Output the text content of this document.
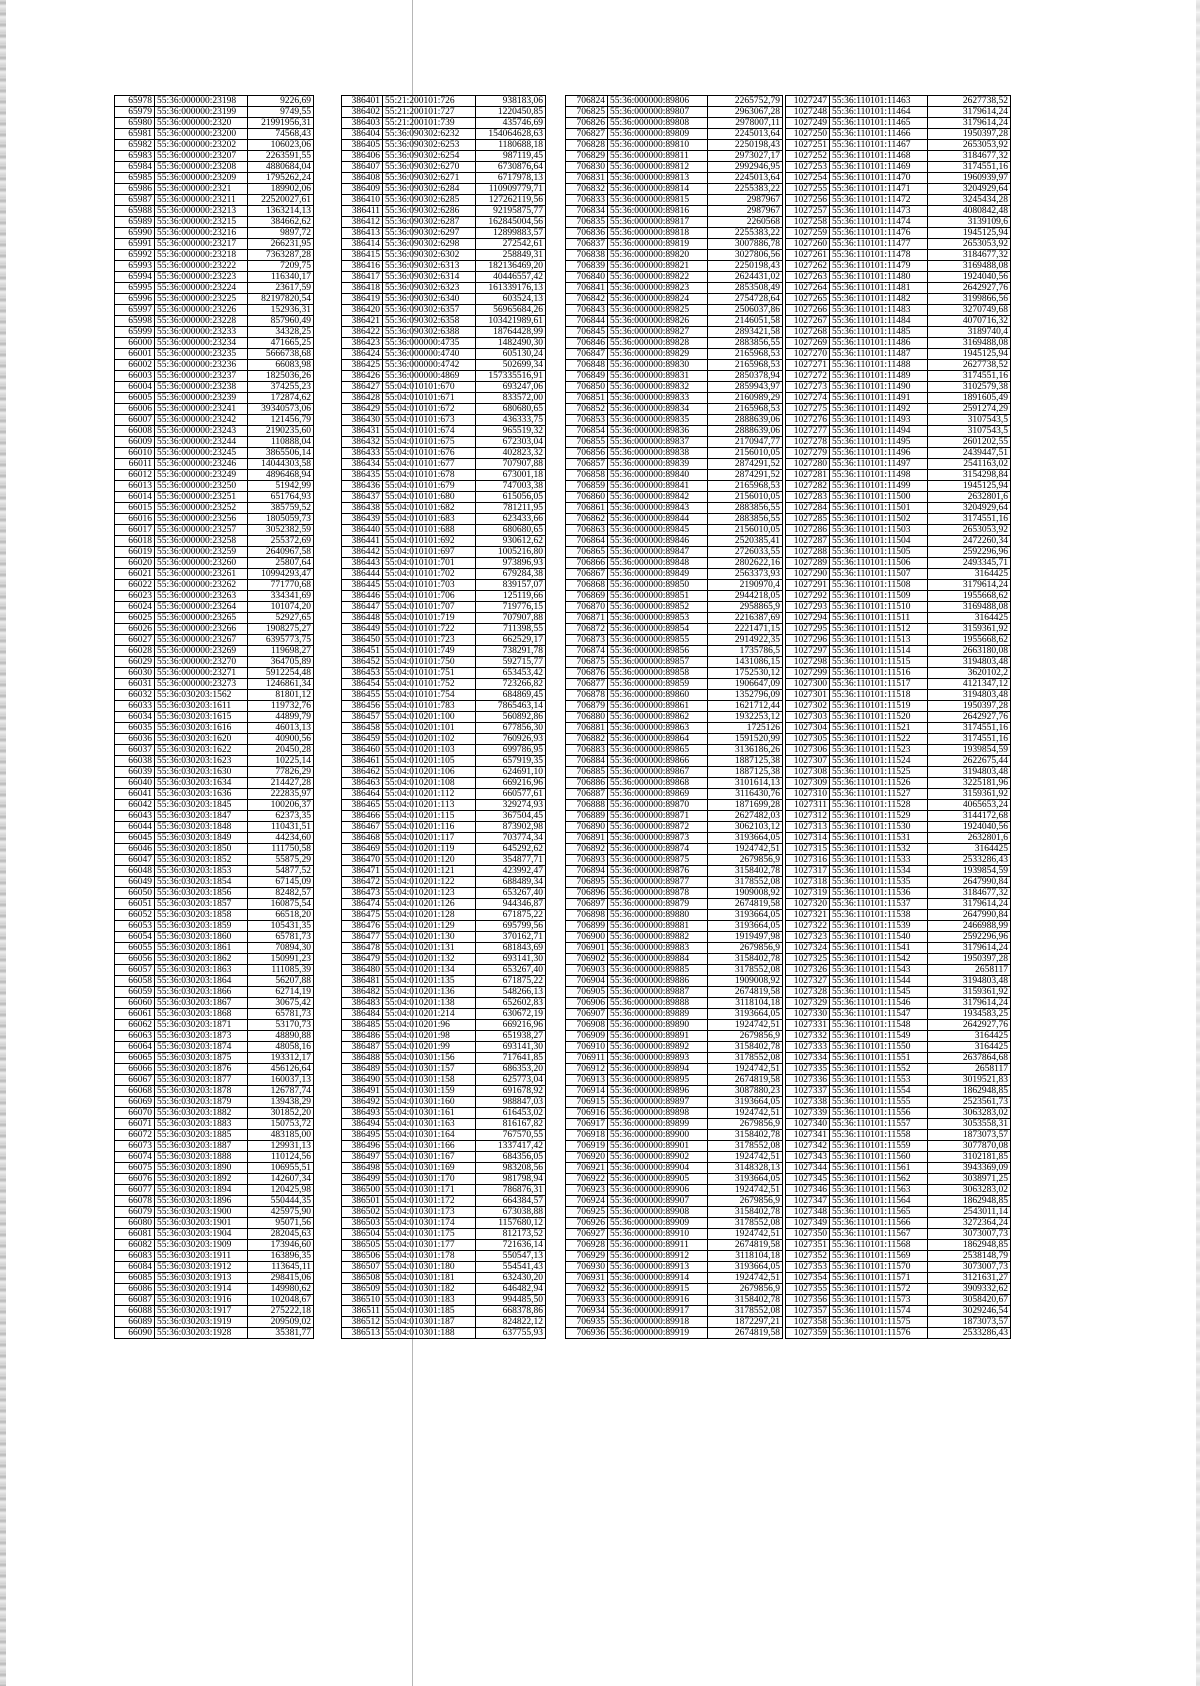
65978	55:36:000000:23198	9226,69
65979	55:36:000000:23199	9749,55
65980	55:36:000000:2320	21991956,31
65981	55:36:000000:23200	74568,43
65982	55:36:000000:23202	106023,06
65983	55:36:000000:23207	2263591,55
65984	55:36:000000:23208	4880684,04
65985	55:36:000000:23209	1795262,24
65986	55:36:000000:2321	189902,06
65987	55:36:000000:23211	22520027,61
65988	55:36:000000:23213	1363214,13
65989	55:36:000000:23215	384662,62
65990	55:36:000000:23216	9897,72
65991	55:36:000000:23217	266231,95
65992	55:36:000000:23218	7363287,28
65993	55:36:000000:23222	7209,75
65994	55:36:000000:23223	116340,17
65995	55:36:000000:23224	23617,59
65996	55:36:000000:23225	82197820,54
65997	55:36:000000:23226	152936,31
65998	55:36:000000:23228	857960,49
65999	55:36:000000:23233	34328,25
66000	55:36:000000:23234	471665,25
66001	55:36:000000:23235	5666738,68
66002	55:36:000000:23236	66083,98
66003	55:36:000000:23237	1825036,26
66004	55:36:000000:23238	374255,23
66005	55:36:000000:23239	172874,62
66006	55:36:000000:23241	39340573,06
66007	55:36:000000:23242	121456,79
66008	55:36:000000:23243	2190235,60
66009	55:36:000000:23244	110888,04
66010	55:36:000000:23245	3865506,14
66011	55:36:000000:23246	14044303,58
66012	55:36:000000:23249	4896468,94
66013	55:36:000000:23250	51942,99
66014	55:36:000000:23251	651764,93
66015	55:36:000000:23252	385759,52
66016	55:36:000000:23256	1805059,73
66017	55:36:000000:23257	3052382,59
66018	55:36:000000:23258	255372,69
66019	55:36:000000:23259	2640967,58
66020	55:36:000000:23260	25807,64
66021	55:36:000000:23261	10994293,47
66022	55:36:000000:23262	771770,68
66023	55:36:000000:23263	334341,69
66024	55:36:000000:23264	101074,20
66025	55:36:000000:23265	52927,65
66026	55:36:000000:23266	1908275,27
66027	55:36:000000:23267	6395773,75
66028	55:36:000000:23269	119698,27
66029	55:36:000000:23270	364705,89
66030	55:36:000000:23271	5912254,48
66031	55:36:000000:23273	1246861,34
66032	55:36:030203:1562	81801,12
66033	55:36:030203:1611	119732,76
66034	55:36:030203:1615	44899,79
66035	55:36:030203:1616	46013,13
66036	55:36:030203:1620	40900,56
66037	55:36:030203:1622	20450,28
66038	55:36:030203:1623	10225,14
66039	55:36:030203:1630	77826,29
66040	55:36:030203:1634	214427,28
66041	55:36:030203:1636	222835,97
66042	55:36:030203:1845	100206,37
66043	55:36:030203:1847	62373,35
66044	55:36:030203:1848	110431,51
66045	55:36:030203:1849	44234,60
66046	55:36:030203:1850	111750,58
66047	55:36:030203:1852	55875,29
66048	55:36:030203:1853	54877,52
66049	55:36:030203:1854	67145,09
66050	55:36:030203:1856	82482,57
66051	55:36:030203:1857	160875,54
66052	55:36:030203:1858	66518,20
66053	55:36:030203:1859	105431,35
66054	55:36:030203:1860	65781,73
66055	55:36:030203:1861	70894,30
66056	55:36:030203:1862	150991,23
66057	55:36:030203:1863	111085,39
66058	55:36:030203:1864	56207,88
66059	55:36:030203:1866	62714,19
66060	55:36:030203:1867	30675,42
66061	55:36:030203:1868	65781,73
66062	55:36:030203:1871	53170,73
66063	55:36:030203:1873	48890,88
66064	55:36:030203:1874	48058,16
66065	55:36:030203:1875	193312,17
66066	55:36:030203:1876	456126,64
66067	55:36:030203:1877	160037,13
66068	55:36:030203:1878	126787,74
66069	55:36:030203:1879	139438,29
66070	55:36:030203:1882	301852,20
66071	55:36:030203:1883	150753,72
66072	55:36:030203:1885	483185,00
66073	55:36:030203:1887	129931,13
66074	55:36:030203:1888	110124,56
66075	55:36:030203:1890	106955,51
66076	55:36:030203:1892	142607,34
66077	55:36:030203:1894	120425,98
66078	55:36:030203:1896	550444,35
66079	55:36:030203:1900	425975,90
66080	55:36:030203:1901	95071,56
66081	55:36:030203:1904	282045,63
66082	55:36:030203:1909	173946,60
66083	55:36:030203:1911	163896,35
66084	55:36:030203:1912	113645,11
66085	55:36:030203:1913	298415,06
66086	55:36:030203:1914	149980,62
66087	55:36:030203:1916	102048,67
66088	55:36:030203:1917	275222,18
66089	55:36:030203:1919	209509,02
66090	55:36:030203:1928	35381,77
386401	55:21:200101:726	938183,06
386402	55:21:200101:727	1220450,85
386403	55:21:200101:739	435746,69
386404	55:36:090302:6232	154064628,63
386405	55:36:090302:6253	1180688,18
386406	55:36:090302:6254	987119,45
386407	55:36:090302:6270	6730876,64
386408	55:36:090302:6271	6717978,13
386409	55:36:090302:6284	110909779,71
386410	55:36:090302:6285	127262119,56
386411	55:36:090302:6286	92195875,77
386412	55:36:090302:6287	162845004,56
386413	55:36:090302:6297	12899883,57
386414	55:36:090302:6298	272542,61
386415	55:36:090302:6302	258849,31
386416	55:36:090302:6313	182136469,20
386417	55:36:090302:6314	40446557,42
386418	55:36:090302:6323	161339176,13
386419	55:36:090302:6340	603524,13
386420	55:36:090302:6357	56965684,26
386421	55:36:090302:6358	103421989,61
386422	55:36:090302:6388	18764428,99
386423	55:36:000000:4735	1482490,30
386424	55:36:000000:4740	605130,24
386425	55:36:000000:4742	502699,34
386426	55:36:000000:4869	157335516,91
386427	55:04:010101:670	693247,06
386428	55:04:010101:671	833572,00
386429	55:04:010101:672	680680,65
386430	55:04:010101:673	436333,75
386431	55:04:010101:674	965519,32
386432	55:04:010101:675	672303,04
386433	55:04:010101:676	402823,32
386434	55:04:010101:677	707907,88
386435	55:04:010101:678	673001,18
386436	55:04:010101:679	747003,38
386437	55:04:010101:680	615056,05
386438	55:04:010101:682	781211,95
386439	55:04:010101:683	623433,66
386440	55:04:010101:688	680680,65
386441	55:04:010101:692	930612,62
386442	55:04:010101:697	1005216,80
386443	55:04:010101:701	973896,93
386444	55:04:010101:702	679284,38
386445	55:04:010101:703	839157,07
386446	55:04:010101:706	125119,66
386447	55:04:010101:707	719776,15
386448	55:04:010101:719	707907,88
386449	55:04:010101:722	711398,55
386450	55:04:010101:723	662529,17
386451	55:04:010101:749	738291,78
386452	55:04:010101:750	592715,77
386453	55:04:010101:751	653453,42
386454	55:04:010101:752	723266,82
386455	55:04:010101:754	684869,45
386456	55:04:010101:783	7865463,14
386457	55:04:010201:100	560892,86
386458	55:04:010201:101	677856,30
386459	55:04:010201:102	760926,93
386460	55:04:010201:103	699786,95
386461	55:04:010201:105	657919,35
386462	55:04:010201:106	624691,10
386463	55:04:010201:108	669216,96
386464	55:04:010201:112	660577,61
386465	55:04:010201:113	329274,93
386466	55:04:010201:115	367504,45
386467	55:04:010201:116	873902,98
386468	55:04:010201:117	703774,34
386469	55:04:010201:119	645292,62
386470	55:04:010201:120	354877,71
386471	55:04:010201:121	423992,47
386472	55:04:010201:122	688489,34
386473	55:04:010201:123	653267,40
386474	55:04:010201:126	944346,87
386475	55:04:010201:128	671875,22
386476	55:04:010201:129	695799,56
386477	55:04:010201:130	370162,71
386478	55:04:010201:131	681843,69
386479	55:04:010201:132	693141,30
386480	55:04:010201:134	653267,40
386481	55:04:010201:135	671875,22
386482	55:04:010201:136	548266,13
386483	55:04:010201:138	652602,83
386484	55:04:010201:214	630672,19
386485	55:04:010201:96	669216,96
386486	55:04:010201:98	651938,27
386487	55:04:010201:99	693141,30
386488	55:04:010301:156	717641,85
386489	55:04:010301:157	686353,20
386490	55:04:010301:158	625773,04
386491	55:04:010301:159	691678,92
386492	55:04:010301:160	988847,03
386493	55:04:010301:161	616453,02
386494	55:04:010301:163	816167,82
386495	55:04:010301:164	767570,55
386496	55:04:010301:166	1337417,42
386497	55:04:010301:167	684356,05
386498	55:04:010301:169	983208,56
386499	55:04:010301:170	981798,94
386500	55:04:010301:171	786876,31
386501	55:04:010301:172	664384,57
386502	55:04:010301:173	673038,88
386503	55:04:010301:174	1157680,12
386504	55:04:010301:175	812173,52
386505	55:04:010301:177	721636,14
386506	55:04:010301:178	550547,13
386507	55:04:010301:180	554541,43
386508	55:04:010301:181	632430,20
386509	55:04:010301:182	646482,94
386510	55:04:010301:183	994485,50
386511	55:04:010301:185	668378,86
386512	55:04:010301:187	824822,12
386513	55:04:010301:188	637755,93
706824	55:36:000000:89806	2265752,79
706825	55:36:000000:89807	2963067,28
706826	55:36:000000:89808	2978007,11
706827	55:36:000000:89809	2245013,64
706828	55:36:000000:89810	2250198,43
706829	55:36:000000:89811	2973027,17
706830	55:36:000000:89812	2992946,95
706831	55:36:000000:89813	2245013,64
706832	55:36:000000:89814	2255383,22
706833	55:36:000000:89815	2987967
706834	55:36:000000:89816	2987967
706835	55:36:000000:89817	2260568
706836	55:36:000000:89818	2255383,22
706837	55:36:000000:89819	3007886,78
706838	55:36:000000:89820	3027806,56
706839	55:36:000000:89821	2250198,43
706840	55:36:000000:89822	2624431,02
706841	55:36:000000:89823	2853508,49
706842	55:36:000000:89824	2754728,64
706843	55:36:000000:89825	2506037,86
706844	55:36:000000:89826	2146051,58
706845	55:36:000000:89827	2893421,58
706846	55:36:000000:89828	2883856,55
706847	55:36:000000:89829	2165968,53
706848	55:36:000000:89830	2165968,53
706849	55:36:000000:89831	2850378,94
706850	55:36:000000:89832	2859943,97
706851	55:36:000000:89833	2160989,29
706852	55:36:000000:89834	2165968,53
706853	55:36:000000:89835	2888639,06
706854	55:36:000000:89836	2888639,06
706855	55:36:000000:89837	2170947,77
706856	55:36:000000:89838	2156010,05
706857	55:36:000000:89839	2874291,52
706858	55:36:000000:89840	2874291,52
706859	55:36:000000:89841	2165968,53
706860	55:36:000000:89842	2156010,05
706861	55:36:000000:89843	2883856,55
706862	55:36:000000:89844	2883856,55
706863	55:36:000000:89845	2156010,05
706864	55:36:000000:89846	2520385,41
706865	55:36:000000:89847	2726033,55
706866	55:36:000000:89848	2802622,16
706867	55:36:000000:89849	2563373,93
706868	55:36:000000:89850	2190970,4
706869	55:36:000000:89851	2944218,05
706870	55:36:000000:89852	2958865,9
706871	55:36:000000:89853	2216387,69
706872	55:36:000000:89854	2221471,15
706873	55:36:000000:89855	2914922,35
706874	55:36:000000:89856	1735786,5
706875	55:36:000000:89857	1431086,15
706876	55:36:000000:89858	1752530,12
706877	55:36:000000:89859	1906647,09
706878	55:36:000000:89860	1352796,09
706879	55:36:000000:89861	1621712,44
706880	55:36:000000:89862	1932253,12
706881	55:36:000000:89863	1725126
706882	55:36:000000:89864	1591520,99
706883	55:36:000000:89865	3136186,26
706884	55:36:000000:89866	1887125,38
706885	55:36:000000:89867	1887125,38
706886	55:36:000000:89868	3101614,13
706887	55:36:000000:89869	3116430,76
706888	55:36:000000:89870	1871699,28
706889	55:36:000000:89871	2627482,03
706890	55:36:000000:89872	3062103,12
706891	55:36:000000:89873	3193664,05
706892	55:36:000000:89874	1924742,51
706893	55:36:000000:89875	2679856,9
706894	55:36:000000:89876	3158402,78
706895	55:36:000000:89877	3178552,08
706896	55:36:000000:89878	1909008,92
706897	55:36:000000:89879	2674819,58
706898	55:36:000000:89880	3193664,05
706899	55:36:000000:89881	3193664,05
706900	55:36:000000:89882	1919497,98
706901	55:36:000000:89883	2679856,9
706902	55:36:000000:89884	3158402,78
706903	55:36:000000:89885	3178552,08
706904	55:36:000000:89886	1909008,92
706905	55:36:000000:89887	2674819,58
706906	55:36:000000:89888	3118104,18
706907	55:36:000000:89889	3193664,05
706908	55:36:000000:89890	1924742,51
706909	55:36:000000:89891	2679856,9
706910	55:36:000000:89892	3158402,78
706911	55:36:000000:89893	3178552,08
706912	55:36:000000:89894	1924742,51
706913	55:36:000000:89895	2674819,58
706914	55:36:000000:89896	3087880,23
706915	55:36:000000:89897	3193664,05
706916	55:36:000000:89898	1924742,51
706917	55:36:000000:89899	2679856,9
706918	55:36:000000:89900	3158402,78
706919	55:36:000000:89901	3178552,08
706920	55:36:000000:89902	1924742,51
706921	55:36:000000:89904	3148328,13
706922	55:36:000000:89905	3193664,05
706923	55:36:000000:89906	1924742,51
706924	55:36:000000:89907	2679856,9
706925	55:36:000000:89908	3158402,78
706926	55:36:000000:89909	3178552,08
706927	55:36:000000:89910	1924742,51
706928	55:36:000000:89911	2674819,58
706929	55:36:000000:89912	3118104,18
706930	55:36:000000:89913	3193664,05
706931	55:36:000000:89914	1924742,51
706932	55:36:000000:89915	2679856,9
706933	55:36:000000:89916	3158402,78
706934	55:36:000000:89917	3178552,08
706935	55:36:000000:89918	1872297,21
706936	55:36:000000:89919	2674819,58
1027247	55:36:110101:11463	2627738,52
1027248	55:36:110101:11464	3179614,24
1027249	55:36:110101:11465	3179614,24
1027250	55:36:110101:11466	1950397,28
1027251	55:36:110101:11467	2653053,92
1027252	55:36:110101:11468	3184677,32
1027253	55:36:110101:11469	3174551,16
1027254	55:36:110101:11470	1960939,97
1027255	55:36:110101:11471	3204929,64
1027256	55:36:110101:11472	3245434,28
1027257	55:36:110101:11473	4080842,48
1027258	55:36:110101:11474	3139109,6
1027259	55:36:110101:11476	1945125,94
1027260	55:36:110101:11477	2653053,92
1027261	55:36:110101:11478	3184677,32
1027262	55:36:110101:11479	3169488,08
1027263	55:36:110101:11480	1924040,56
1027264	55:36:110101:11481	2642927,76
1027265	55:36:110101:11482	3199866,56
1027266	55:36:110101:11483	3270749,68
1027267	55:36:110101:11484	4070716,32
1027268	55:36:110101:11485	3189740,4
1027269	55:36:110101:11486	3169488,08
1027270	55:36:110101:11487	1945125,94
1027271	55:36:110101:11488	2627738,52
1027272	55:36:110101:11489	3174551,16
1027273	55:36:110101:11490	3102579,38
1027274	55:36:110101:11491	1891605,49
1027275	55:36:110101:11492	2591274,29
1027276	55:36:110101:11493	3107543,5
1027277	55:36:110101:11494	3107543,5
1027278	55:36:110101:11495	2601202,55
1027279	55:36:110101:11496	2439447,51
1027280	55:36:110101:11497	2541163,02
1027281	55:36:110101:11498	3154298,84
1027282	55:36:110101:11499	1945125,94
1027283	55:36:110101:11500	2632801,6
1027284	55:36:110101:11501	3204929,64
1027285	55:36:110101:11502	3174551,16
1027286	55:36:110101:11503	2653053,92
1027287	55:36:110101:11504	2472260,34
1027288	55:36:110101:11505	2592296,96
1027289	55:36:110101:11506	2493345,71
1027290	55:36:110101:11507	3164425
1027291	55:36:110101:11508	3179614,24
1027292	55:36:110101:11509	1955668,62
1027293	55:36:110101:11510	3169488,08
1027294	55:36:110101:11511	3164425
1027295	55:36:110101:11512	3159361,92
1027296	55:36:110101:11513	1955668,62
1027297	55:36:110101:11514	2663180,08
1027298	55:36:110101:11515	3194803,48
1027299	55:36:110101:11516	3620102,2
1027300	55:36:110101:11517	4121347,12
1027301	55:36:110101:11518	3194803,48
1027302	55:36:110101:11519	1950397,28
1027303	55:36:110101:11520	2642927,76
1027304	55:36:110101:11521	3174551,16
1027305	55:36:110101:11522	3174551,16
1027306	55:36:110101:11523	1939854,59
1027307	55:36:110101:11524	2622675,44
1027308	55:36:110101:11525	3194803,48
1027309	55:36:110101:11526	3225181,96
1027310	55:36:110101:11527	3159361,92
1027311	55:36:110101:11528	4065653,24
1027312	55:36:110101:11529	3144172,68
1027313	55:36:110101:11530	1924040,56
1027314	55:36:110101:11531	2632801,6
1027315	55:36:110101:11532	3164425
1027316	55:36:110101:11533	2533286,43
1027317	55:36:110101:11534	1939854,59
1027318	55:36:110101:11535	2647990,84
1027319	55:36:110101:11536	3184677,32
1027320	55:36:110101:11537	3179614,24
1027321	55:36:110101:11538	2647990,84
1027322	55:36:110101:11539	2466988,99
1027323	55:36:110101:11540	2592296,96
1027324	55:36:110101:11541	3179614,24
1027325	55:36:110101:11542	1950397,28
1027326	55:36:110101:11543	2658117
1027327	55:36:110101:11544	3194803,48
1027328	55:36:110101:11545	3159361,92
1027329	55:36:110101:11546	3179614,24
1027330	55:36:110101:11547	1934583,25
1027331	55:36:110101:11548	2642927,76
1027332	55:36:110101:11549	3164425
1027333	55:36:110101:11550	3164425
1027334	55:36:110101:11551	2637864,68
1027335	55:36:110101:11552	2658117
1027336	55:36:110101:11553	3019521,83
1027337	55:36:110101:11554	1862948,85
1027338	55:36:110101:11555	2523561,73
1027339	55:36:110101:11556	3063283,02
1027340	55:36:110101:11557	3053558,31
1027341	55:36:110101:11558	1873073,57
1027342	55:36:110101:11559	3077870,08
1027343	55:36:110101:11560	3102181,85
1027344	55:36:110101:11561	3943369,09
1027345	55:36:110101:11562	3038971,25
1027346	55:36:110101:11563	3063283,02
1027347	55:36:110101:11564	1862948,85
1027348	55:36:110101:11565	2543011,14
1027349	55:36:110101:11566	3272364,24
1027350	55:36:110101:11567	3073007,73
1027351	55:36:110101:11568	1862948,85
1027352	55:36:110101:11569	2538148,79
1027353	55:36:110101:11570	3073007,73
1027354	55:36:110101:11571	3121631,27
1027355	55:36:110101:11572	3909332,62
1027356	55:36:110101:11573	3058420,67
1027357	55:36:110101:11574	3029246,54
1027358	55:36:110101:11575	1873073,57
1027359	55:36:110101:11576	2533286,43
